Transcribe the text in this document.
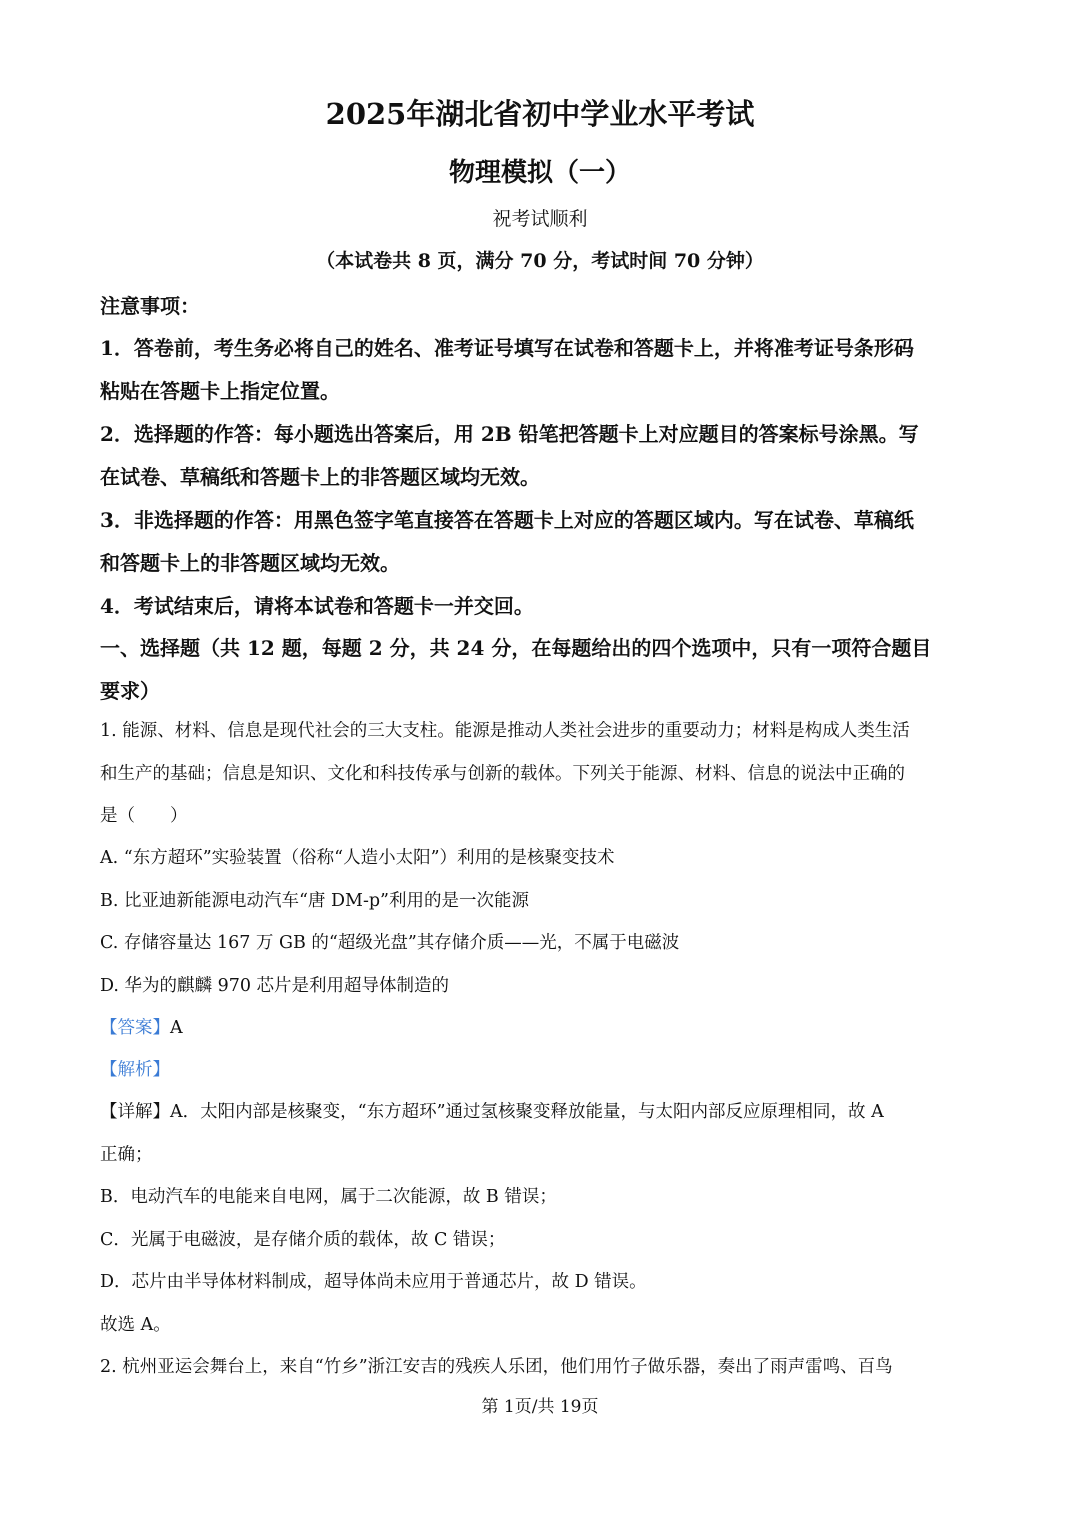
2025年湖北省初中学业水平考试
物理模拟（一）
祝考试顺利
（本试卷共 8 页，满分 70 分，考试时间 70 分钟）
注意事项：
1．答卷前，考生务必将自己的姓名、准考证号填写在试卷和答题卡上，并将准考证号条形码
粘贴在答题卡上指定位置。
2．选择题的作答：每小题选出答案后，用 2B 铅笔把答题卡上对应题目的答案标号涂黑。写
在试卷、草稿纸和答题卡上的非答题区域均无效。
3．非选择题的作答：用黑色签字笔直接答在答题卡上对应的答题区域内。写在试卷、草稿纸
和答题卡上的非答题区域均无效。
4．考试结束后，请将本试卷和答题卡一并交回。
一、选择题（共 12 题，每题 2 分，共 24 分，在每题给出的四个选项中，只有一项符合题目
要求）
1. 能源、材料、信息是现代社会的三大支柱。能源是推动人类社会进步的重要动力；材料是构成人类生活
和生产的基础；信息是知识、文化和科技传承与创新的载体。下列关于能源、材料、信息的说法中正确的
是（　　）
A. “东方超环”实验装置（俗称“人造小太阳”）利用的是核聚变技术
B. 比亚迪新能源电动汽车“唐 DM-p”利用的是一次能源
C. 存储容量达 167 万 GB 的“超级光盘”其存储介质——光，不属于电磁波
D. 华为的麒麟 970 芯片是利用超导体制造的
【答案】A
【解析】
【详解】A．太阳内部是核聚变，“东方超环”通过氢核聚变释放能量，与太阳内部反应原理相同，故 A
正确；
B．电动汽车的电能来自电网，属于二次能源，故 B 错误；
C．光属于电磁波，是存储介质的载体，故 C 错误；
D．芯片由半导体材料制成，超导体尚未应用于普通芯片，故 D 错误。
故选 A。
2. 杭州亚运会舞台上，来自“竹乡”浙江安吉的残疾人乐团，他们用竹子做乐器，奏出了雨声雷鸣、百鸟
第 1页/共 19页
